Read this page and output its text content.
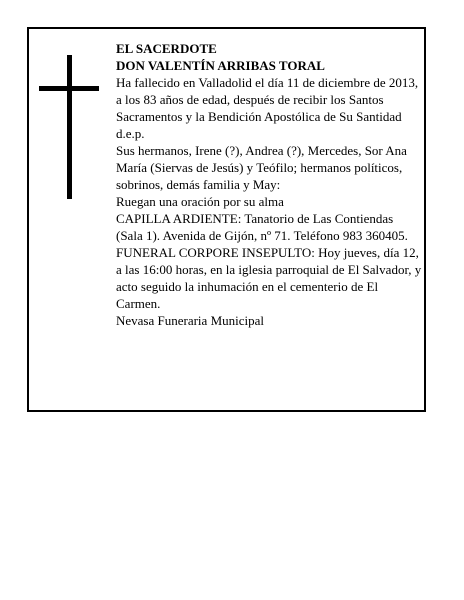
EL SACERDOTE

DON VALENTÍN ARRIBAS TORAL

Ha fallecido en Valladolid el día 11 de diciembre de 2013, a los 83 años de edad, después de recibir los Santos Sacramentos y la Bendición Apostólica de Su Santidad

d.e.p.

Sus hermanos, Irene (?), Andrea (?), Mercedes, Sor Ana María (Siervas de Jesús) y Teófilo; hermanos políticos, sobrinos, demás familia y May:

Ruegan una oración por su alma

CAPILLA ARDIENTE: Tanatorio de Las Contiendas (Sala 1). Avenida de Gijón, nº 71. Teléfono 983 360405.

FUNERAL CORPORE INSEPULTO: Hoy jueves, día 12, a las 16:00 horas, en la iglesia parroquial de El Salvador, y acto seguido la inhumación en el cementerio de El Carmen.

Nevasa Funeraria Municipal
